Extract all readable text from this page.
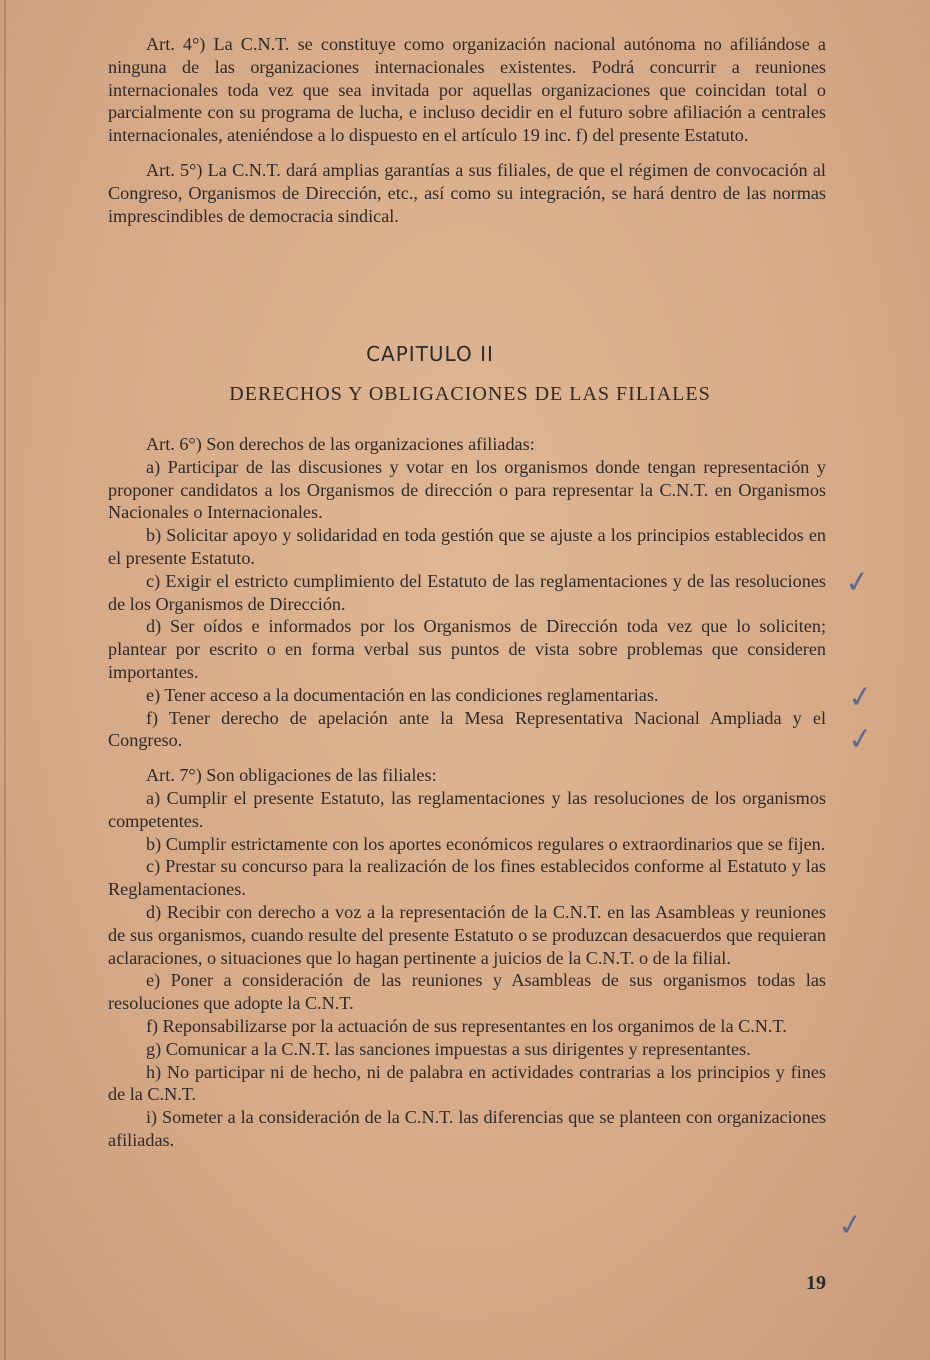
Art. 4°) La C.N.T. se constituye como organización nacional autónoma no afiliándose a ninguna de las organizaciones internacionales existentes. Podrá concurrir a reuniones internacionales toda vez que sea invitada por aquellas organizaciones que coincidan total o parcialmente con su programa de lucha, e incluso decidir en el futuro sobre afiliación a centrales internacionales, ateniéndose a lo dispuesto en el artículo 19 inc. f) del presente Estatuto.

Art. 5°) La C.N.T. dará amplias garantías a sus filiales, de que el régimen de convocación al Congreso, Organismos de Dirección, etc., así como su integración, se hará dentro de las normas imprescindibles de democracia sindical.

CAPITULO II
DERECHOS Y OBLIGACIONES DE LAS FILIALES

Art. 6°) Son derechos de las organizaciones afiliadas:

a) Participar de las discusiones y votar en los organismos donde tengan representación y proponer candidatos a los Organismos de dirección o para representar la C.N.T. en Organismos Nacionales o Internacionales.

b) Solicitar apoyo y solidaridad en toda gestión que se ajuste a los principios establecidos en el presente Estatuto.

c) Exigir el estricto cumplimiento del Estatuto de las reglamentaciones y de las resoluciones de los Organismos de Dirección.

d) Ser oídos e informados por los Organismos de Dirección toda vez que lo soliciten; plantear por escrito o en forma verbal sus puntos de vista sobre problemas que consideren importantes.

e) Tener acceso a la documentación en las condiciones reglamentarias.

f) Tener derecho de apelación ante la Mesa Representativa Nacional Ampliada y el Congreso.

Art. 7°) Son obligaciones de las filiales:

a) Cumplir el presente Estatuto, las reglamentaciones y las resoluciones de los organismos competentes.

b) Cumplir estrictamente con los aportes económicos regulares o extraordinarios que se fijen.

c) Prestar su concurso para la realización de los fines establecidos conforme al Estatuto y las Reglamentaciones.

d) Recibir con derecho a voz a la representación de la C.N.T. en las Asambleas y reuniones de sus organismos, cuando resulte del presente Estatuto o se produzcan desacuerdos que requieran aclaraciones, o situaciones que lo hagan pertinente a juicios de la C.N.T. o de la filial.

e) Poner a consideración de las reuniones y Asambleas de sus organismos todas las resoluciones que adopte la C.N.T.

f) Reponsabilizarse por la actuación de sus representantes en los organimos de la C.N.T.

g) Comunicar a la C.N.T. las sanciones impuestas a sus dirigentes y representantes.

h) No participar ni de hecho, ni de palabra en actividades contrarias a los principios y fines de la C.N.T.

i) Someter a la consideración de la C.N.T. las diferencias que se planteen con organizaciones afiliadas.

✓
✓
✓
✓
19
